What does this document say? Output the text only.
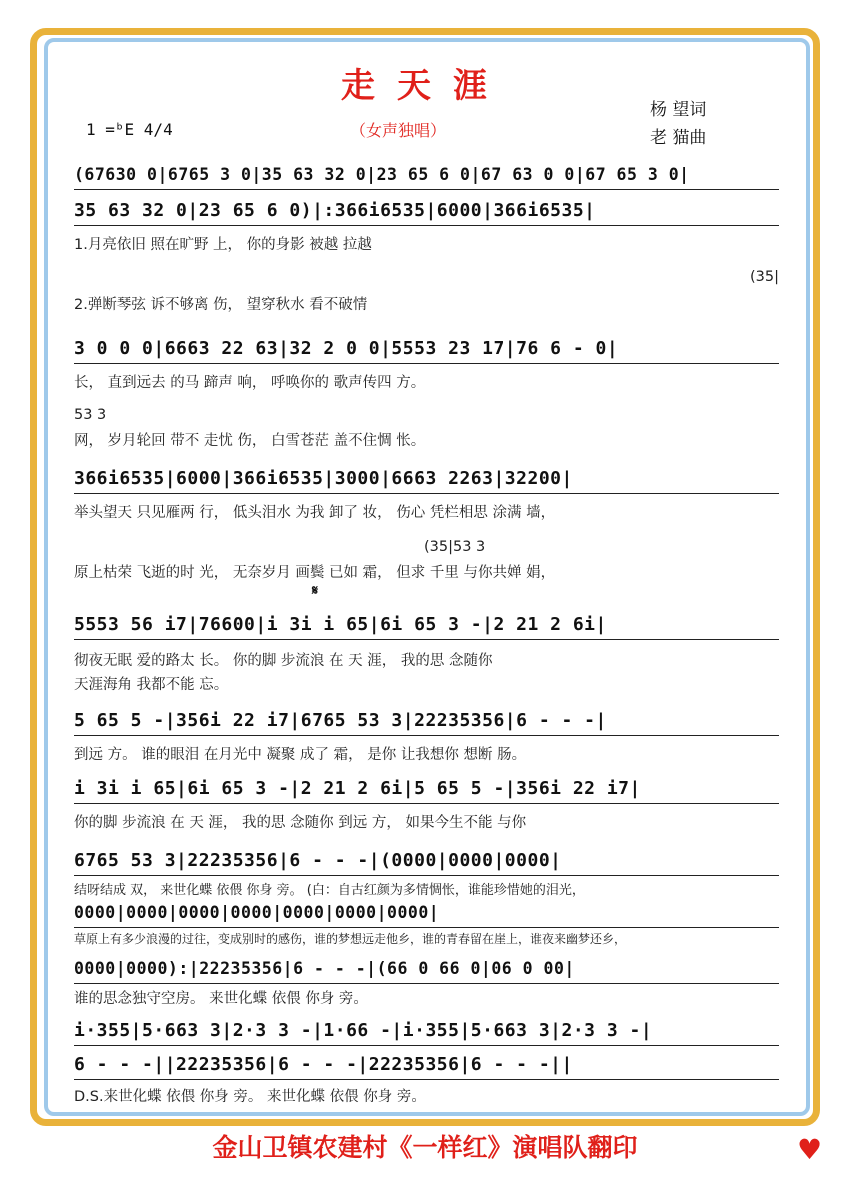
走天涯
（女声独唱）
1 =ᵇE 4/4
杨 望词
老 猫曲
(67630 0|6765 3 0|35 63 32 0|23 65 6 0|67 63 0 0|67 65 3 0|
35 63 32 0|23 65 6 0)|:366i6535|6000|366i6535|
1.月亮依旧 照在旷野 上， 你的身影 被越 拉越
(35|
2.弹断琴弦 诉不够离 伤， 望穿秋水 看不破情
3 0 0 0|6663 22 63|32 2 0 0|5553 23 17|76 6 - 0|
长， 直到远去 的马 蹄声 响， 呼唤你的 歌声传四 方。
53 3
网， 岁月轮回 带不 走忧 伤， 白雪苍茫 盖不住惆 怅。
366i6535|6000|366i6535|3000|6663 2263|32200|
举头望天 只见雁两 行， 低头泪水 为我 卸了 妆， 伤心 凭栏相思 涂满 墙，
(35|53 3
原上枯荣 飞逝的时 光， 无奈岁月 画鬓 已如 霜， 但求 千里 与你共婵 娟，
𝄋
5553 56 i7|76600|i 3i i 65|6i 65 3 -|2 21 2 6i|
彻夜无眠 爱的路太 长。 你的脚 步流浪 在 天 涯， 我的思 念随你
天涯海角 我都不能 忘。
5 65 5 -|356i 22 i7|6765 53 3|22235356|6 - - -|
到远 方。 谁的眼泪 在月光中 凝聚 成了 霜， 是你 让我想你 想断 肠。
i 3i i 65|6i 65 3 -|2 21 2 6i|5 65 5 -|356i 22 i7|
你的脚 步流浪 在 天 涯， 我的思 念随你 到远 方， 如果今生不能 与你
6765 53 3|22235356|6 - - -|(0000|0000|0000|
结呀结成 双， 来世化蝶 依偎 你身 旁。 (白：自古红颜为多情惆怅，谁能珍惜她的泪光，
0000|0000|0000|0000|0000|0000|0000|
草原上有多少浪漫的过往，变成别时的感伤，谁的梦想远走他乡，谁的青春留在崖上，谁夜来幽梦还乡，
0000|0000):|22235356|6 - - -|(66 0 66 0|06 0 00|
谁的思念独守空房。 来世化蝶 依偎 你身 旁。
i·355|5·663 3|2·3 3 -|1·66 -|i·355|5·663 3|2·3 3 -|
6 - - -||22235356|6 - - -|22235356|6 - - -||
D.S.来世化蝶 依偎 你身 旁。 来世化蝶 依偎 你身 旁。
金山卫镇农建村《一样红》演唱队翻印	♥
